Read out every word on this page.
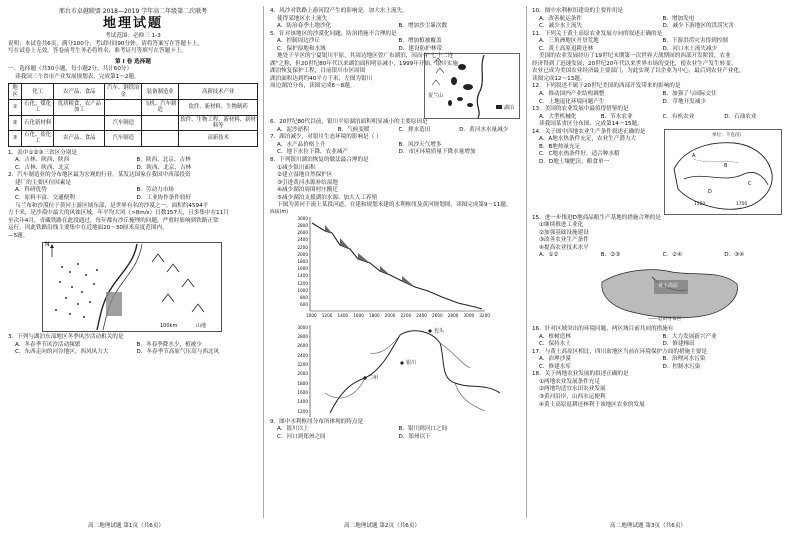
邢台市卓越联盟 2018—2019 学年高二年级第二次联考
地理试题
考试范围：必修三 1-3
说明：本试卷共6页，满分100分，考试时间90分钟。请将答案写在答题卡上，
写在试卷上无效。答卷前考生务必将姓名、准考证号等填写在答题卡上。
第 I 卷 选择题
一、选择题（共30小题，每小题2分，共计60分）
读我国三个省市产业发展规划表，完成第1～2题。
地区	化工	农产品、食品	汽车、钢铁冶金	装备制造业	高新技术产业
①	石化、煤化工	优质粮食、农产品加工		飞机、汽车制造	软件、新材料、生物制药
②	石化新材料		汽车制造		软件、生物工程、新材料、新材料等
③	石化、盐化工	农产品、食品	汽车制造		高新技术
1．表中①②③三省区分别是
A．吉林、陕西、陕西	B．陕西、北京、吉林
C．吉林、陕西、北京	D．陕西、北京、吉林
2．汽车制造业的分布地区最为宏观的行业，某发达国家在我国中西部投资
建厂的主要区位因素是
A．科研优势	B．劳动力市场
C．原料丰富、交通便利	D．工业协作条件较好
乌兰布和沙漠位于黄河上游区域东部，是世界有名的沙漠之一，面积约4594平
方千米，是沙漠中最大的风蚀区域，年平均大风（>8m/s）日数157天，且多集中在11月
至次年4月，青藏铁路在此段通过，每年都有沙丘掩埋的问题，严重时影响到铁路正常
运行，因此铁路沿线主要集中在近地面20～30厘米高度范围内。
—5题。
N
100km	山地
3．下列与湖泊东部地区冬季风沙活动相关的是
A．冬春季节风沙活动频繁	B．冬春季降水少，植被少
C．东西走向的河谷地区，西风风力大	D．冬春季节高原气压高与西北风
4．风沙对铁路上游河段产生的影响是，加大水土流失，
使得某地区水土流失
A．防治春季土地沙化	B．增加沙尘暴次数
5．针对该地区的沙漠化问题，防治措施不合理的是
A．控制周边沙丘	B．增加植被覆盖
C．保护湿地和水域	D．建设防护林带
地处干旱区的宁夏银川平原，其周边地区曾广布湖泊，因而有“七十二连
湖”之称，但20世纪80年代以来湖泊面积明显减小，1999年开始，银川实施
湖泊恢复保护工程，目前银川市区周围
湖泊面积达到约40平方千米，左图为银川
周边湖泊分布，读图完成6～8题。
贺兰山
湖泊
6．20世纪80代以前，银川平原湖泊面积明显减小的主要原因是
A．泥沙淤积	B．气候变暖	C．排水造田	D．黄河水水量减少
7．湖泊减少，对银川生态环境的影响是（ ）
A．水产品价格上升	B．风沙天气增多
C．地下水位下降，农业减产	D．市区环境质量下降水量增加
8．下列银川湖泊恢复的做法最合理的是
①减少银川面积
②建立湿地自然保护区
③引进黄河水源补给湿地
④减少湖泊周围村庄搬迁
⑤减少湖泊支援湖泊水源、加大人工养殖
下图为黄河干流上某段河道，在建和规划未建的水利枢纽及黄河规划图，读图完成第9～11题。
海拔(m)
3000
2800
2600
2400
2200
2000
1800
1600
1400
1200
1000
800
600
1000 1200 1400 1600 1800 2000 2200 2400 2600 2800 3000 3200
3000
2800
2600
2400
2200
2000
1800
1600
1400
1200
兰州
银川
包头
9．图中水利枢纽分布所体现的特点是
A．银川以上	B．银川到河口之间
C．河口到郑州之间	D．郑州以下
10．图中水利枢纽建设的主要作用是
A．改善航运条件	B．增加发电
C．减少水土流失	D．减少下游地区的洪涝灾害
11．下列关于黄土高原农业发展方向的叙述正确的是
A．三角洲地区开垦荒地	B．下游洪涝灾害得到控制
C．黄土高原退耕还林	D．河口水土流失减少
美国的农业发展经历了19世纪末期第一次世界大战期间的西部开发阶段，农业
经济得到了迅速发展；20世纪20年代以来世界市场的变化，使农业生产发生转变。
农业已成为美国农业经济最主要部门，为此实现了以企业为中心，最后到农业产业化，
读图完成12～13题。
12．下列叙述不属于20世纪美国的西部开发带来的影响的是
A．推动国内产业结构调整	B．加强了与国际交往
C．土地退化环境问题产生	D．草地开发减少
13．美国的农业发展中最值得借鉴的是
A．大型机械化	B．节水农业	C．有机农业	D．石油农业
读我国某省区分布图，完成第14～15题。
14．关于图中四地农业生产条件叙述正确的是
A．A地水热条件充足，农业生产潜力大
B．B地热量充足
C．C地水热条件好，适合种水稻
D．D地土壤肥沃，粮食单一
单位：千克/亩
A
B
C
D
1550	1750
15．进一步推进D地商品粮生产基地的措施合理的是
①继续推进工业化
②加强基础设施建设
③改善农业生产条件
④提高农业技术水平
A．①②	B．②③	C．②④	D．③④
黄土高原
——退田分布区
16．针对区域突出的环境问题，两区域目前共同的措施有
A．植树造林	B．大力发展新兴产业
C．保持水土	D．修建梯田
17．与黄土高原区相比，四川盆地区当前在环境保护方面的措施主要是
A．治理沙漠	B．治理河水污染
C．修建水库	D．控制水污染
18．关于两地农业发展的叙述正确的是
①两地农业发展条件充足
②两地均适宜水田农业发展
③黄河沿岸，山西水运便利
④黄土高原退耕还林利于该地区农业的发展
高二地理试题 第1页（共6页）	高二地理试题 第2页（共6页）	高二地理试题 第3页（共6页）
